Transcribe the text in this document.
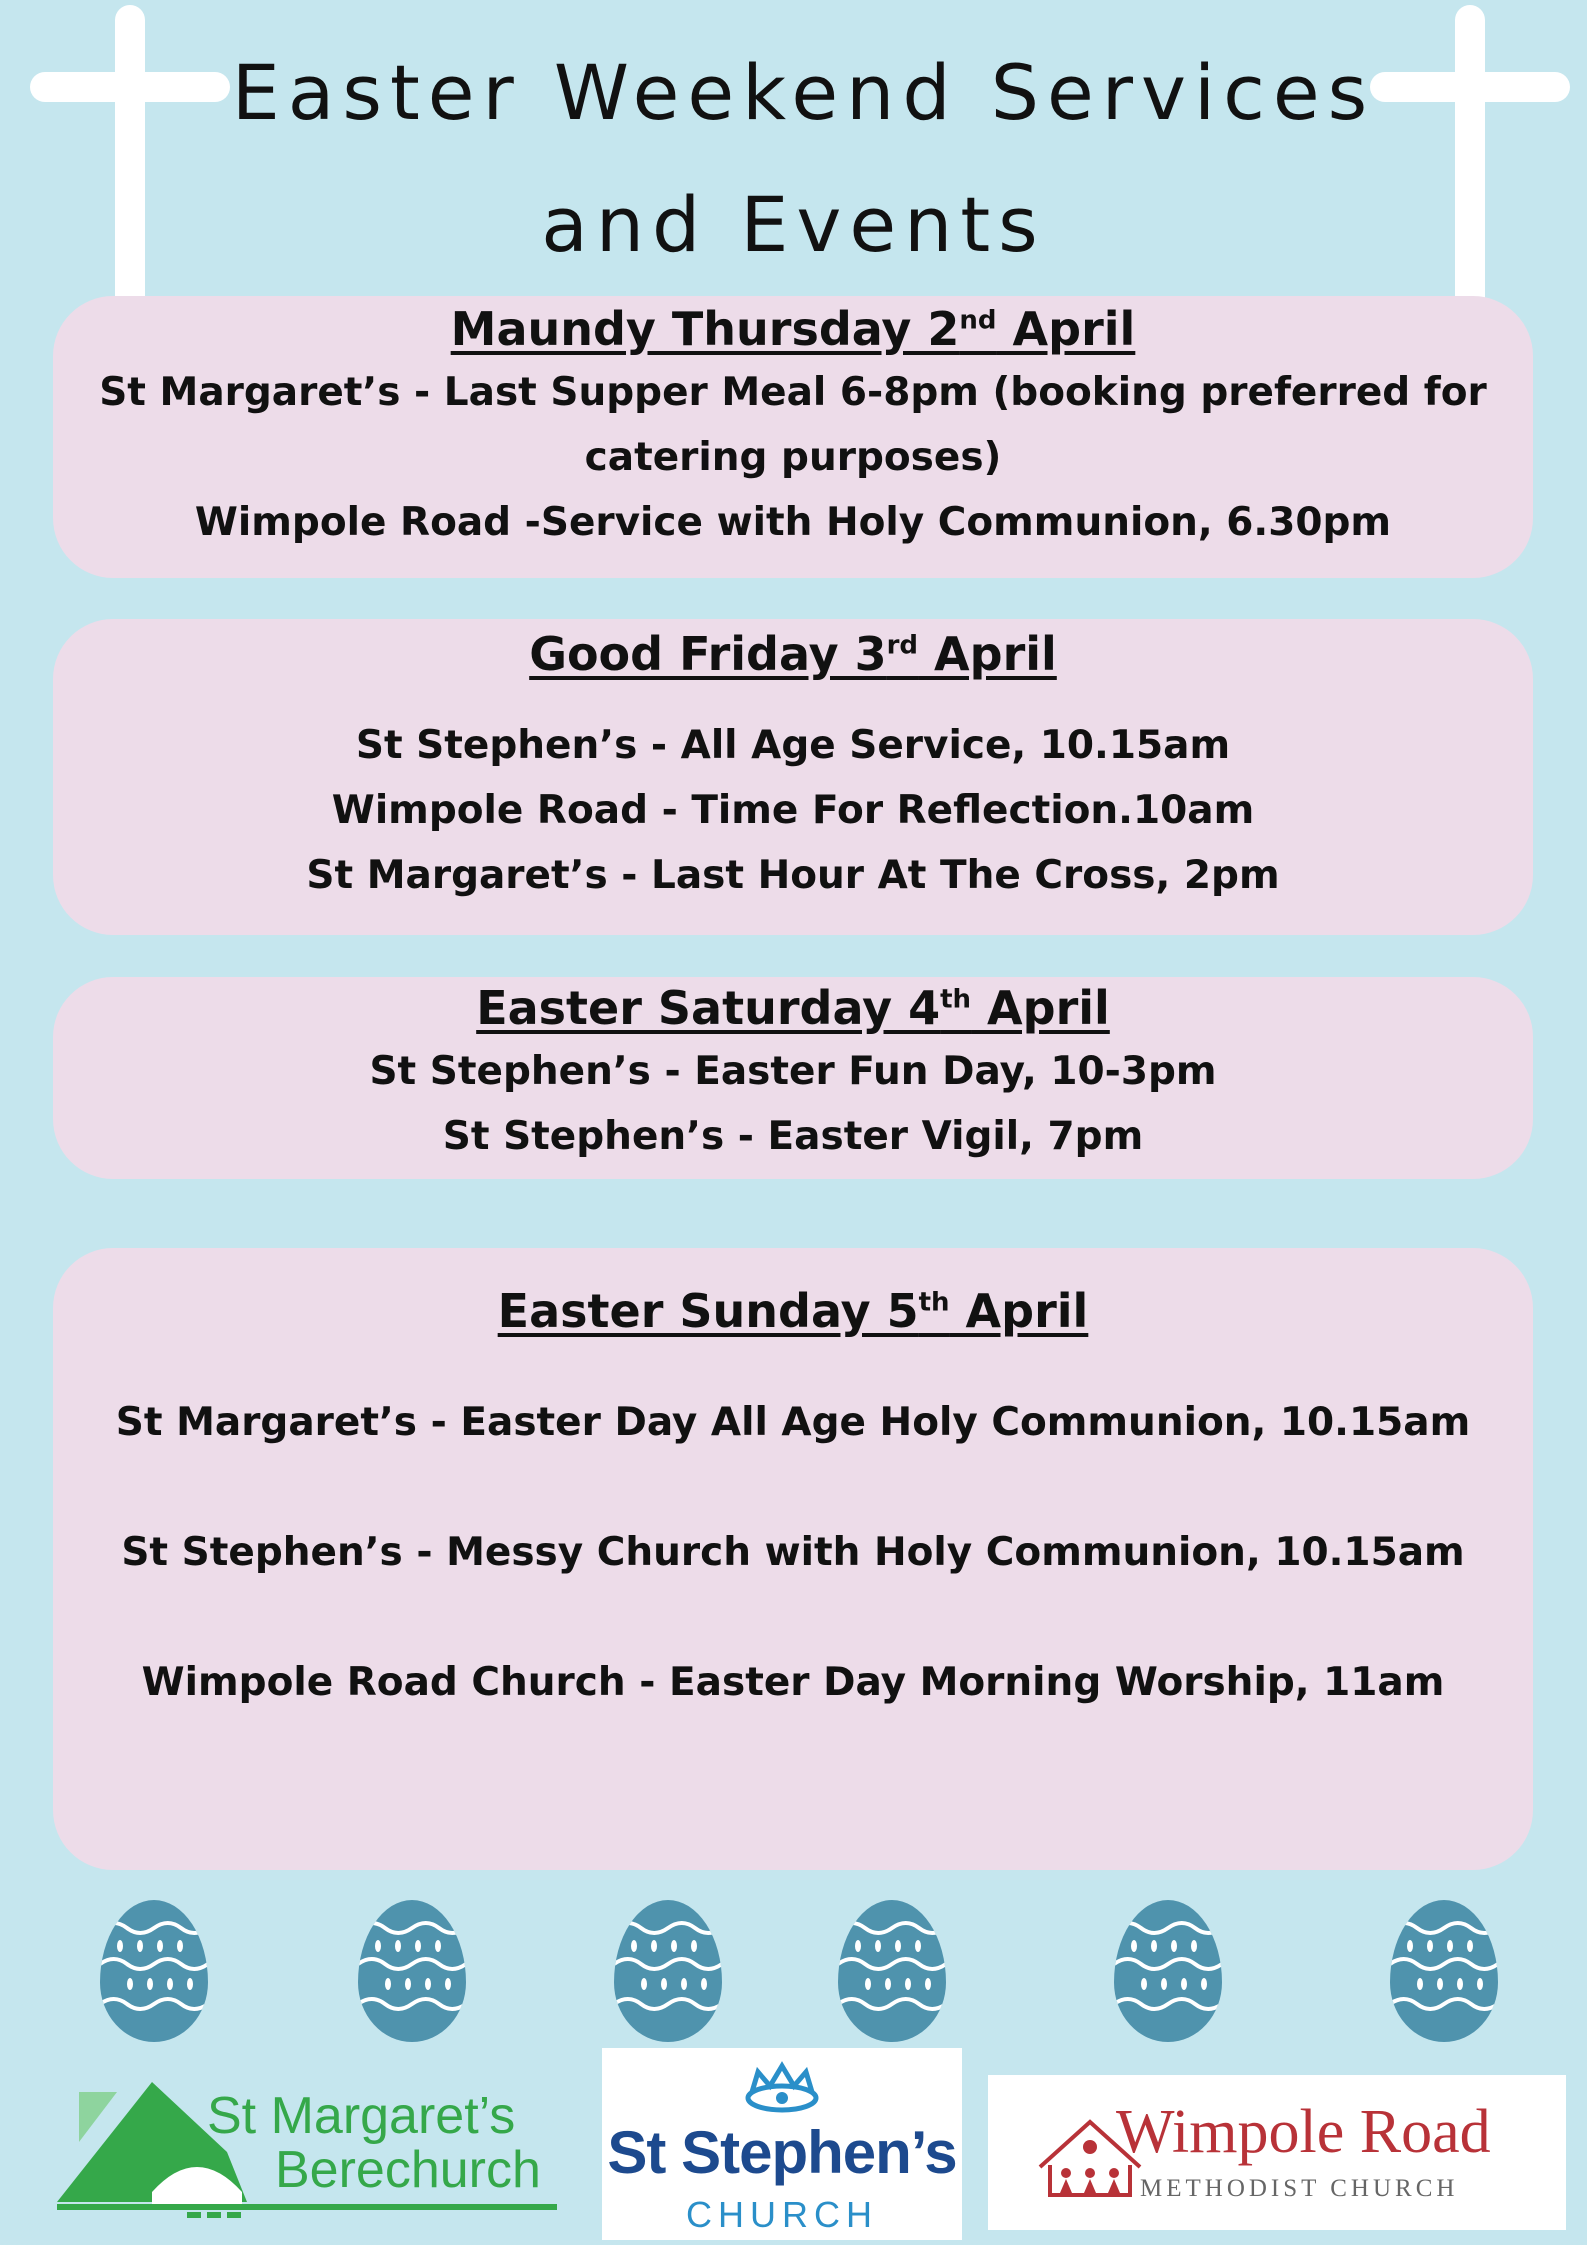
Easter Weekend Services
and Events

Maundy Thursday 2nd April

St Margaret’s - Last Supper Meal 6-8pm (booking preferred for

catering purposes)

Wimpole Road -Service with Holy Communion, 6.30pm

Good Friday 3rd April

St Stephen’s - All Age Service, 10.15am

Wimpole Road - Time For Reflection.10am

St Margaret’s - Last Hour At The Cross, 2pm

Easter Saturday 4th April

St Stephen’s - Easter Fun Day, 10-3pm

St Stephen’s - Easter Vigil, 7pm

Easter Sunday 5th April

St Margaret’s - Easter Day All Age Holy Communion, 10.15am

St Stephen’s - Messy Church with Holy Communion, 10.15am

Wimpole Road Church - Easter Day Morning Worship, 11am

St Margaret’s
Berechurch St Stephen’s
CHURCH
Wimpole Road
METHODIST CHURCH
